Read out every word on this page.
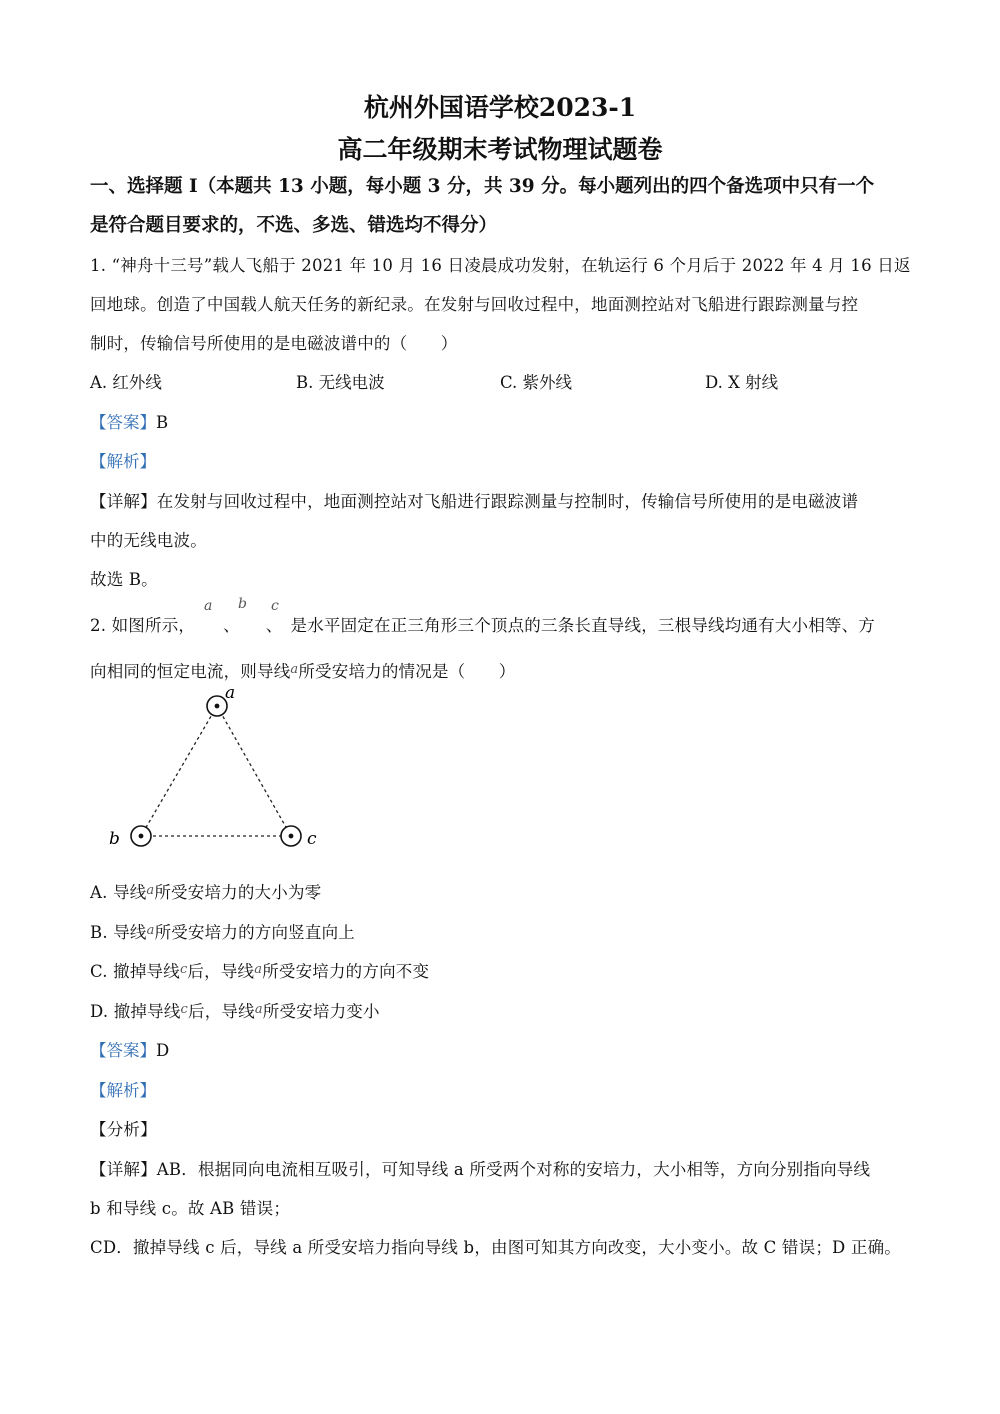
杭州外国语学校2023-1
高二年级期末考试物理试题卷
一、选择题 I（本题共 13 小题，每小题 3 分，共 39 分。每小题列出的四个备选项中只有一个
是符合题目要求的，不选、多选、错选均不得分）
1. “神舟十三号”载人飞船于 2021 年 10 月 16 日凌晨成功发射，在轨运行 6 个月后于 2022 年 4 月 16 日返
回地球。创造了中国载人航天任务的新纪录。在发射与回收过程中，地面测控站对飞船进行跟踪测量与控
制时，传输信号所使用的是电磁波谱中的（　　）
A. 红外线	B. 无线电波	C. 紫外线	D. X 射线
【答案】B
【解析】
【详解】在发射与回收过程中，地面测控站对飞船进行跟踪测量与控制时，传输信号所使用的是电磁波谱
中的无线电波。
故选 B。
a b c
2. 如图所示， 、 、 是水平固定在正三角形三个顶点的三条长直导线，三根导线均通有大小相等、方
向相同的恒定电流，则导线$^a$所受安培力的情况是（　　）
a
b	c
A. 导线$^a$所受安培力的大小为零
B. 导线$^a$所受安培力的方向竖直向上
C. 撤掉导线$^c$后，导线$^a$所受安培力的方向不变
D. 撤掉导线$^c$后，导线$^a$所受安培力变小
【答案】D
【解析】
【分析】
【详解】AB．根据同向电流相互吸引，可知导线 a 所受两个对称的安培力，大小相等，方向分别指向导线
b 和导线 c。故 AB 错误；
CD．撤掉导线 c 后，导线 a 所受安培力指向导线 b，由图可知其方向改变，大小变小。故 C 错误；D 正确。
